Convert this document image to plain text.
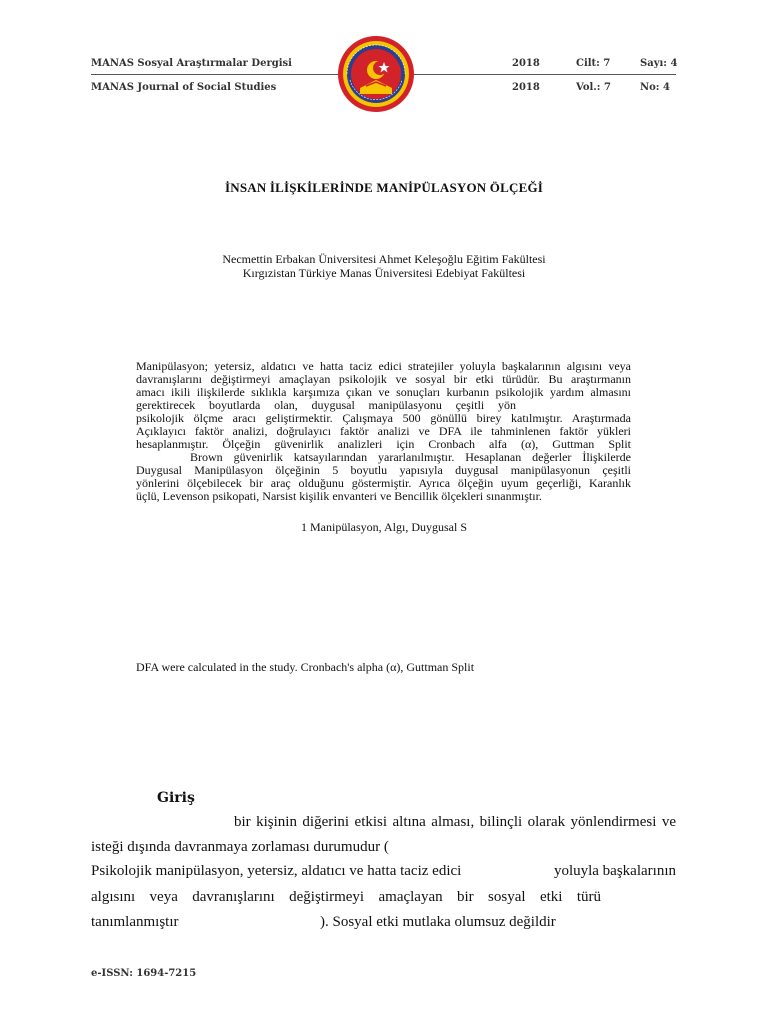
MANAS Sosyal Araştırmalar Dergisi	2018	Cilt: 7	Sayı: 4
MANAS Journal of Social Studies	2018	Vol.: 7	No: 4
İNSAN İLİŞKİLERİNDE MANİPÜLASYON ÖLÇEĞİ
Necmettin Erbakan Üniversitesi Ahmet Keleşoğlu Eğitim Fakültesi
Kırgızistan Türkiye Manas Üniversitesi Edebiyat Fakültesi
Manipülasyon; yetersiz, aldatıcı ve hatta taciz edici stratejiler yoluyla başkalarının algısını veya
davranışlarını değiştirmeyi amaçlayan psikolojik ve sosyal bir etki türüdür. Bu araştırmanın
amacı ikili ilişkilerde sıklıkla karşımıza çıkan ve sonuçları kurbanın psikolojik yardım almasını
gerektirecek boyutlarda olan, duygusal manipülasyonu çeşitli yön
psikolojik ölçme aracı geliştirmektir. Çalışmaya 500 gönüllü birey katılmıştır. Araştırmada
Açıklayıcı faktör analizi, doğrulayıcı faktör analizi ve DFA ile tahminlenen faktör yükleri
hesaplanmıştır. Ölçeğin güvenirlik analizleri için Cronbach alfa (α), Guttman Split
Brown güvenirlik katsayılarından yararlanılmıştır. Hesaplanan değerler İlişkilerde
Duygusal Manipülasyon ölçeğinin 5 boyutlu yapısıyla duygusal manipülasyonun çeşitli
yönlerini ölçebilecek bir araç olduğunu göstermiştir. Ayrıca ölçeğin uyum geçerliği, Karanlık
üçlü, Levenson psikopati, Narsist kişilik envanteri ve Bencillik ölçekleri sınanmıştır.
1 Manipülasyon, Algı, Duygusal S
DFA were calculated in the study. Cronbach's alpha (α), Guttman Split
Giriş
bir kişinin diğerini etkisi altına alması, bilinçli olarak yönlendirmesi ve
isteği dışında davranmaya zorlaması durumudur (
Psikolojik manipülasyon, yetersiz, aldatıcı ve hatta taciz edici	yoluyla başkalarının
algısını veya davranışlarını değiştirmeyi amaçlayan bir sosyal etki türü
tanımlanmıştır	). Sosyal etki mutlaka olumsuz değildir
e-ISSN: 1694-7215
